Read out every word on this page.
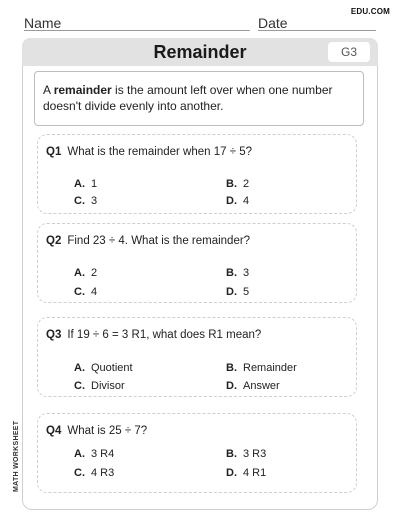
Name	Date
EDU.COM
Remainder	G3
A remainder is the amount left over when one number doesn't divide evenly into another.
Q1 What is the remainder when 17 ÷ 5?
A. 1	B. 2
C. 3	D. 4
Q2 Find 23 ÷ 4. What is the remainder?
A. 2	B. 3
C. 4	D. 5
Q3 If 19 ÷ 6 = 3 R1, what does R1 mean?
A. Quotient	B. Remainder
C. Divisor	D. Answer
Q4 What is 25 ÷ 7?
A. 3 R4	B. 3 R3
C. 4 R3	D. 4 R1
MATH WORKSHEET
